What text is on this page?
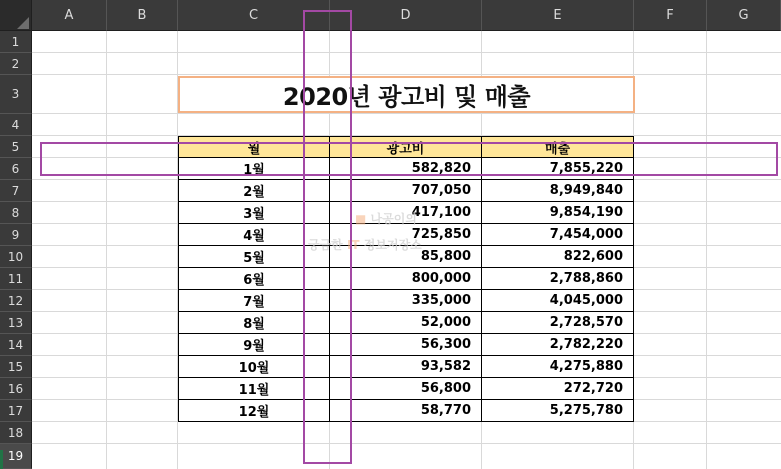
A	B	C	D	E	F	G
1
2
3
4
5
6
7
8
9
10
11
12
13
14
15
16
17
18
19
2020년 광고비 및 매출
월	광고비	매출
1월	582,820	7,855,220
2월	707,050	8,949,840
3월	417,100	9,854,190
4월	725,850	7,454,000
5월	85,800	822,600
6월	800,000	2,788,860
7월	335,000	4,045,000
8월	52,000	2,728,570
9월	56,300	2,782,220
10월	93,582	4,275,880
11월	56,800	272,720
12월	58,770	5,275,780
■ 나공이의
궁금한 IT 정보저장소
